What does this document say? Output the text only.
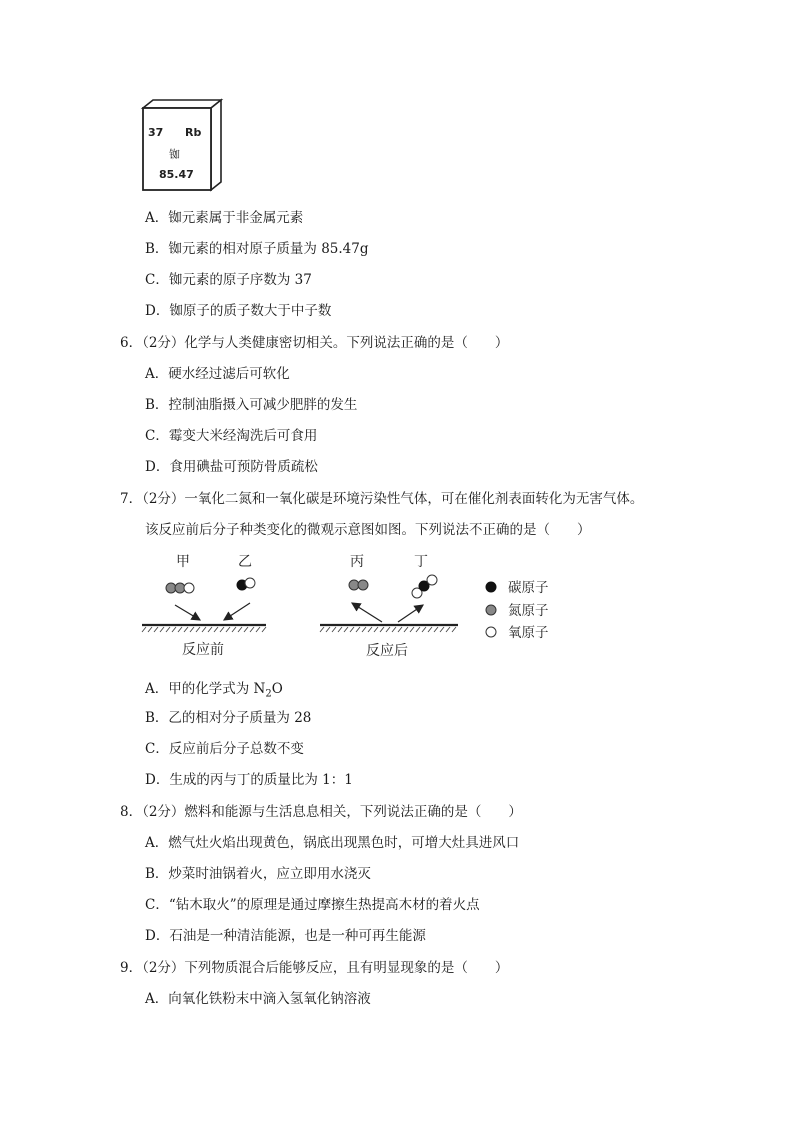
37 Rb
铷
85.47
A．铷元素属于非金属元素
B．铷元素的相对原子质量为 85.47g
C．铷元素的原子序数为 37
D．铷原子的质子数大于中子数
6．（2分）化学与人类健康密切相关。下列说法正确的是（　　）
A．硬水经过滤后可软化
B．控制油脂摄入可减少肥胖的发生
C．霉变大米经淘洗后可食用
D．食用碘盐可预防骨质疏松
7．（2分）一氧化二氮和一氧化碳是环境污染性气体，可在催化剂表面转化为无害气体。
该反应前后分子种类变化的微观示意图如图。下列说法不正确的是（　　）
甲	乙	丙	丁
反应前	反应后
碳原子
氮原子
氧原子
A．甲的化学式为 $N_2O$
B．乙的相对分子质量为 28
C．反应前后分子总数不变
D．生成的丙与丁的质量比为 1：1
8．（2分）燃料和能源与生活息息相关，下列说法正确的是（　　）
A．燃气灶火焰出现黄色，锅底出现黑色时，可增大灶具进风口
B．炒菜时油锅着火，应立即用水浇灭
C．“钻木取火”的原理是通过摩擦生热提高木材的着火点
D．石油是一种清洁能源，也是一种可再生能源
9．（2分）下列物质混合后能够反应，且有明显现象的是（　　）
A．向氧化铁粉末中滴入氢氧化钠溶液
